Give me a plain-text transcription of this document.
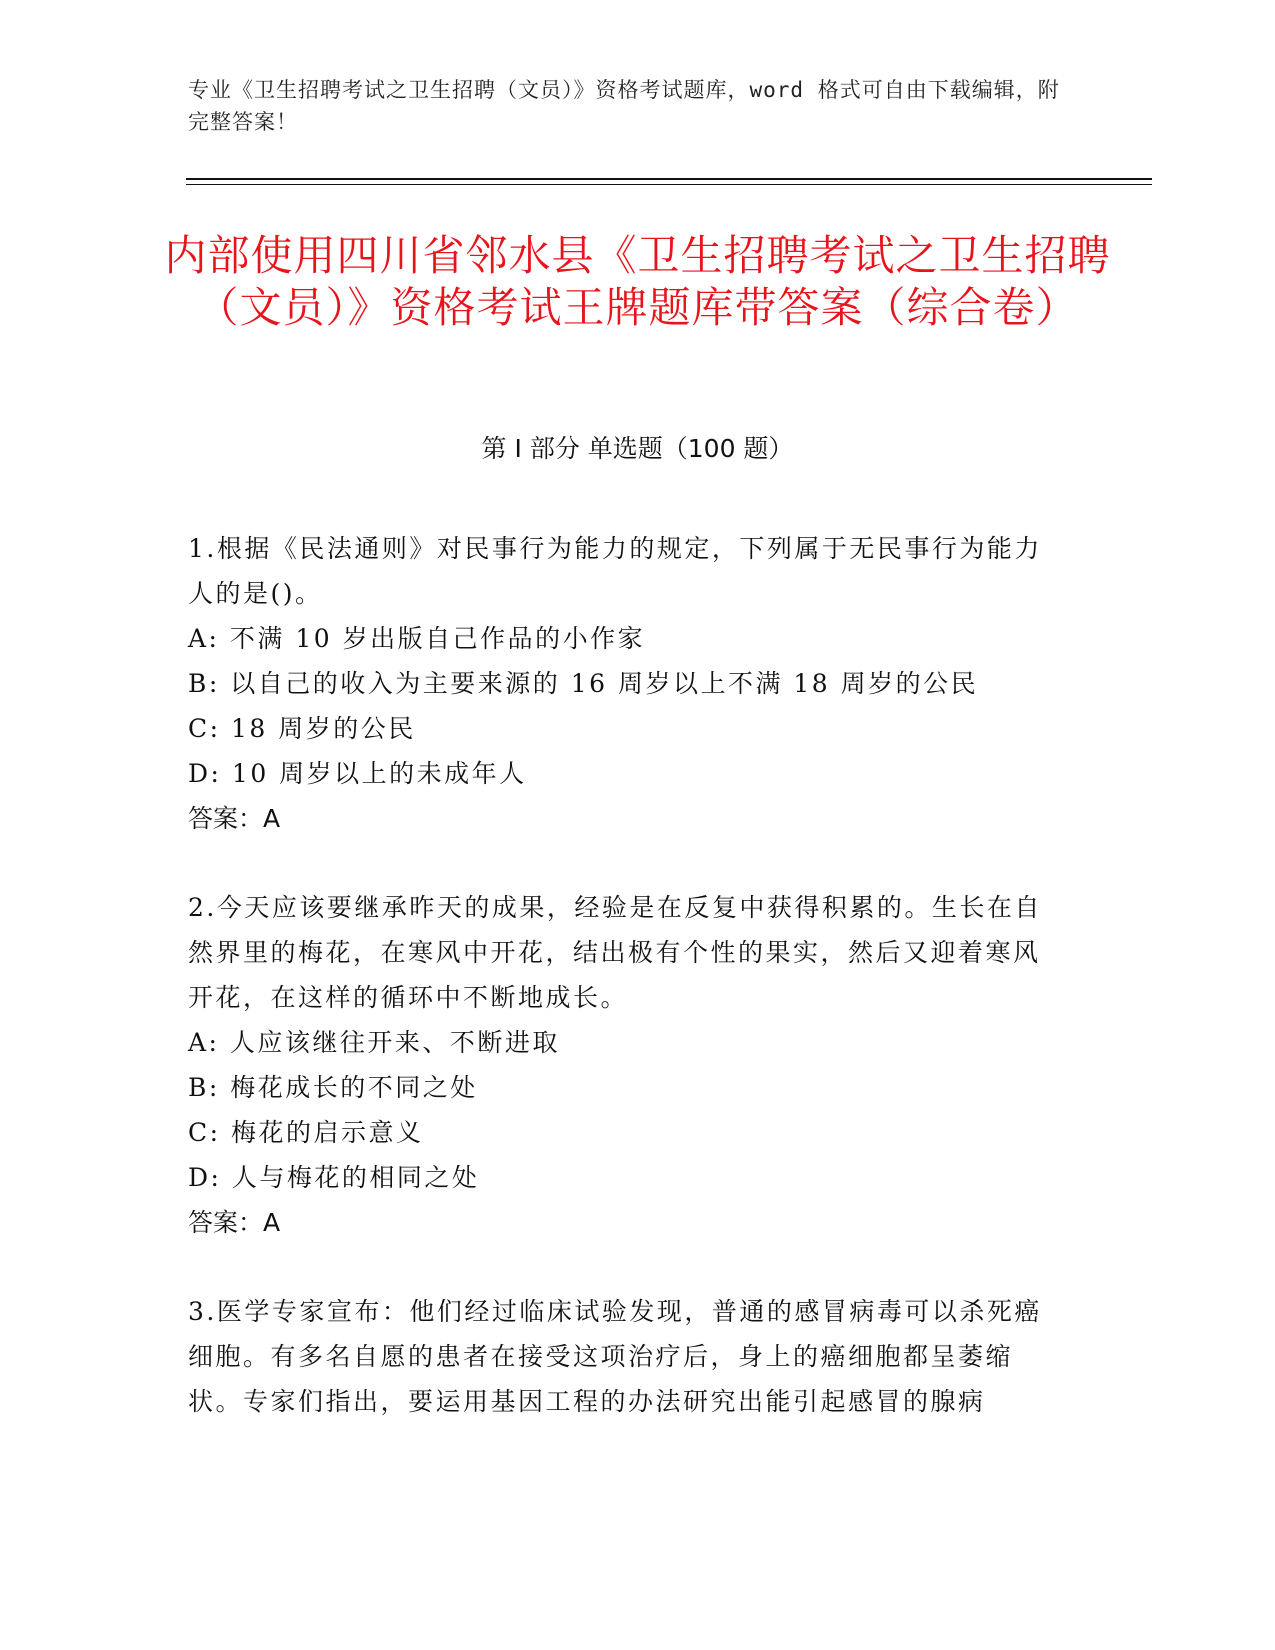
专业《卫生招聘考试之卫生招聘（文员）》资格考试题库，word 格式可自由下载编辑，附完整答案！
内部使用四川省邻水县《卫生招聘考试之卫生招聘（文员）》资格考试王牌题库带答案（综合卷）
第 I 部分 单选题（100 题）
1.根据《民法通则》对民事行为能力的规定，下列属于无民事行为能力人的是()。
A: 不满 10 岁出版自己作品的小作家
B: 以自己的收入为主要来源的 16 周岁以上不满 18 周岁的公民
C: 18 周岁的公民
D: 10 周岁以上的未成年人
答案：A
2.今天应该要继承昨天的成果，经验是在反复中获得积累的。生长在自然界里的梅花，在寒风中开花，结出极有个性的果实，然后又迎着寒风开花，在这样的循环中不断地成长。
A: 人应该继往开来、不断进取
B: 梅花成长的不同之处
C: 梅花的启示意义
D: 人与梅花的相同之处
答案：A
3.医学专家宣布：他们经过临床试验发现，普通的感冒病毒可以杀死癌细胞。有多名自愿的患者在接受这项治疗后，身上的癌细胞都呈萎缩状。专家们指出，要运用基因工程的办法研究出能引起感冒的腺病
